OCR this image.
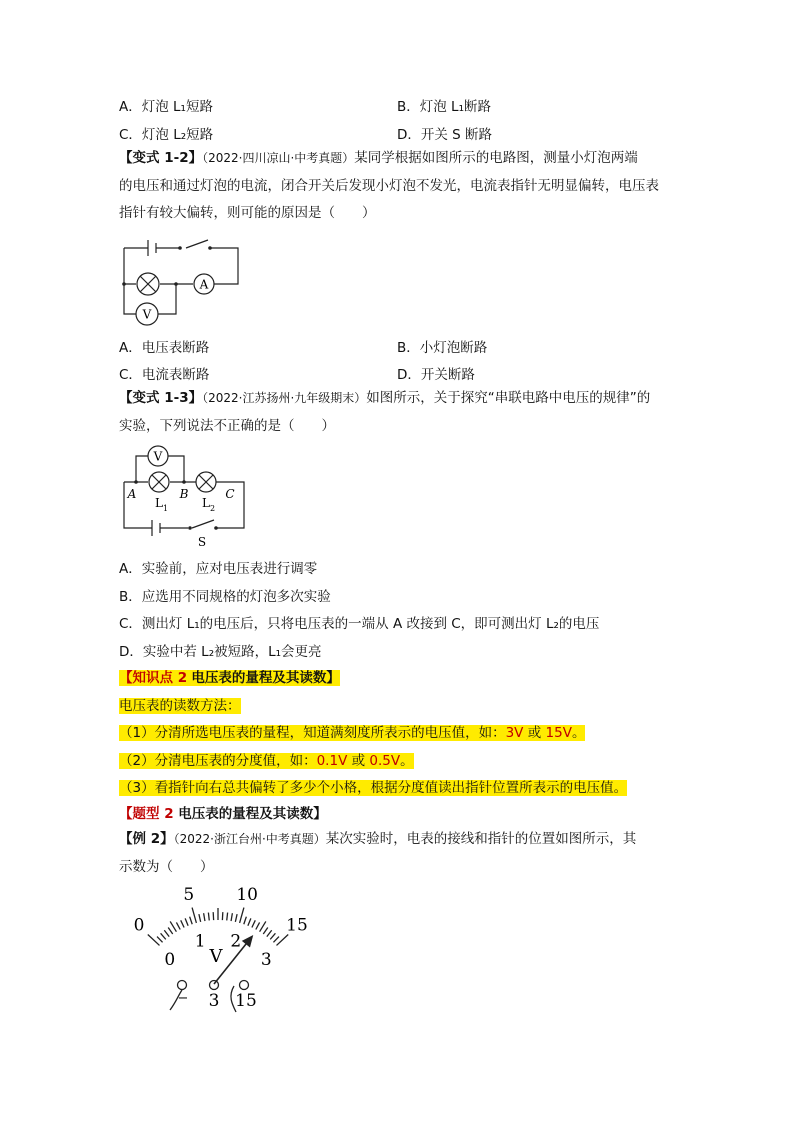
A．灯泡 L₁短路	B．灯泡 L₁断路
C．灯泡 L₂短路	D．开关 S 断路
【变式 1-2】（2022·四川凉山·中考真题）某同学根据如图所示的电路图，测量小灯泡两端
的电压和通过灯泡的电流，闭合开关后发现小灯泡不发光，电流表指针无明显偏转，电压表
指针有较大偏转，则可能的原因是（　　）
A
V
A．电压表断路	B．小灯泡断路
C．电流表断路	D．开关断路
【变式 1-3】（2022·江苏扬州·九年级期末）如图所示，关于探究“串联电路中电压的规律”的
实验，下列说法不正确的是（　　）
V
A	B	C
$L_1$	$L_2$
S
A．实验前，应对电压表进行调零
B．应选用不同规格的灯泡多次实验
C．测出灯 L₁的电压后，只将电压表的一端从 A 改接到 C，即可测出灯 L₂的电压
D．实验中若 L₂被短路，L₁会更亮
【知识点 2 电压表的量程及其读数】
电压表的读数方法：
（1）分清所选电压表的量程，知道满刻度所表示的电压值，如：3V 或 15V。
（2）分清电压表的分度值，如：0.1V 或 0.5V。
（3）看指针向右总共偏转了多少个小格，根据分度值读出指针位置所表示的电压值。
【题型 2 电压表的量程及其读数】
【例 2】（2022·浙江台州·中考真题）某次实验时，电表的接线和指针的位置如图所示，其
示数为（　　）
0
5 10
15
0
1 2
3
V
− 3 15
